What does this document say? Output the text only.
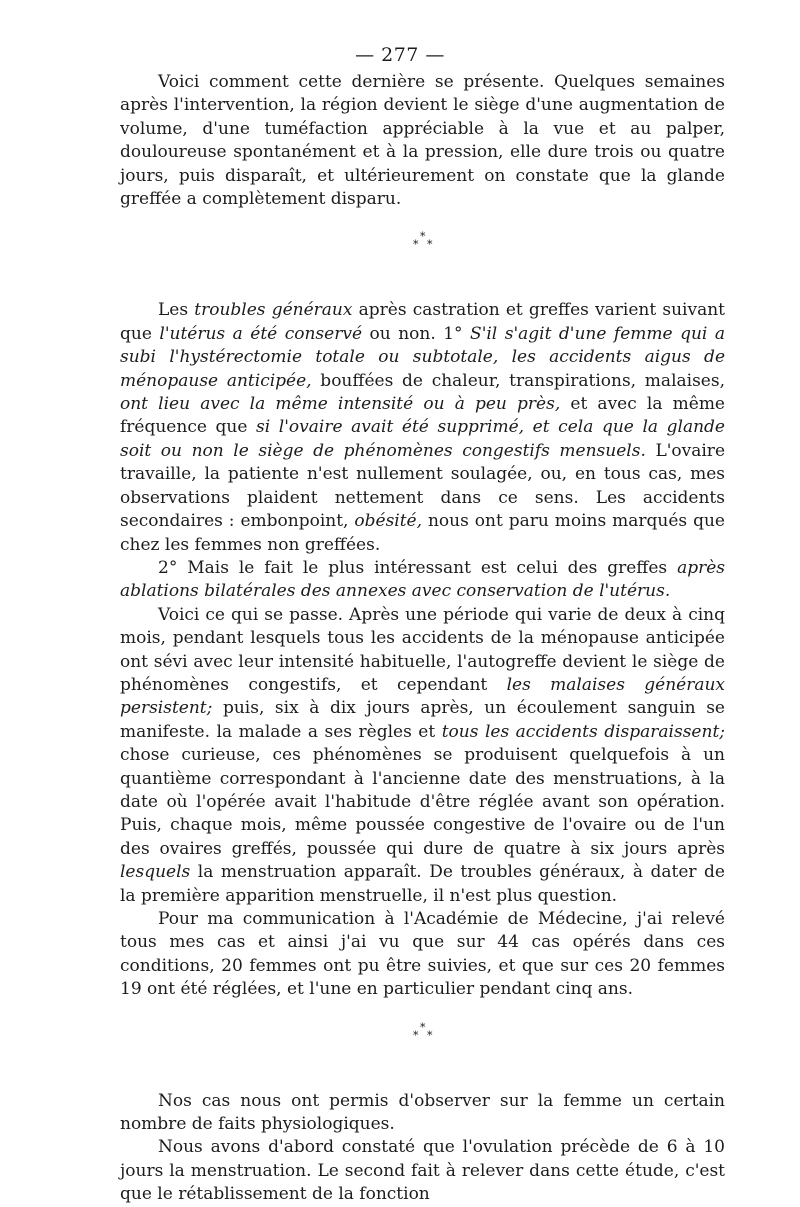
— 277 —

Voici comment cette dernière se présente. Quelques semaines après l'intervention, la région devient le siège d'une augmentation de volume, d'une tuméfaction appréciable à la vue et au palper, douloureuse spontanément et à la pression, elle dure trois ou quatre jours, puis disparaît, et ultérieurement on constate que la glande greffée a complètement disparu.

*
* *

Les troubles généraux après castration et greffes varient suivant que l'utérus a été conservé ou non. 1° S'il s'agit d'une femme qui a subi l'hystérectomie totale ou subtotale, les accidents aigus de ménopause anticipée, bouffées de chaleur, transpirations, malaises, ont lieu avec la même intensité ou à peu près, et avec la même fréquence que si l'ovaire avait été supprimé, et cela que la glande soit ou non le siège de phénomènes congestifs mensuels. L'ovaire travaille, la patiente n'est nullement soulagée, ou, en tous cas, mes observations plaident nettement dans ce sens. Les accidents secondaires : embonpoint, obésité, nous ont paru moins marqués que chez les femmes non greffées.

2° Mais le fait le plus intéressant est celui des greffes après ablations bilatérales des annexes avec conservation de l'utérus.

Voici ce qui se passe. Après une période qui varie de deux à cinq mois, pendant lesquels tous les accidents de la ménopause anticipée ont sévi avec leur intensité habituelle, l'autogreffe devient le siège de phénomènes congestifs, et cependant les malaises généraux persistent; puis, six à dix jours après, un écoulement sanguin se manifeste. la malade a ses règles et tous les accidents disparaissent; chose curieuse, ces phénomènes se produisent quelquefois à un quantième correspondant à l'ancienne date des menstruations, à la date où l'opérée avait l'habitude d'être réglée avant son opération. Puis, chaque mois, même poussée congestive de l'ovaire ou de l'un des ovaires greffés, poussée qui dure de quatre à six jours après lesquels la menstruation apparaît. De troubles généraux, à dater de la première apparition menstruelle, il n'est plus question.

Pour ma communication à l'Académie de Médecine, j'ai relevé tous mes cas et ainsi j'ai vu que sur 44 cas opérés dans ces conditions, 20 femmes ont pu être suivies, et que sur ces 20 femmes 19 ont été réglées, et l'une en particulier pendant cinq ans.

*
* *

Nos cas nous ont permis d'observer sur la femme un certain nombre de faits physiologiques.

Nous avons d'abord constaté que l'ovulation précède de 6 à 10 jours la menstruation. Le second fait à relever dans cette étude, c'est que le rétablissement de la fonction
